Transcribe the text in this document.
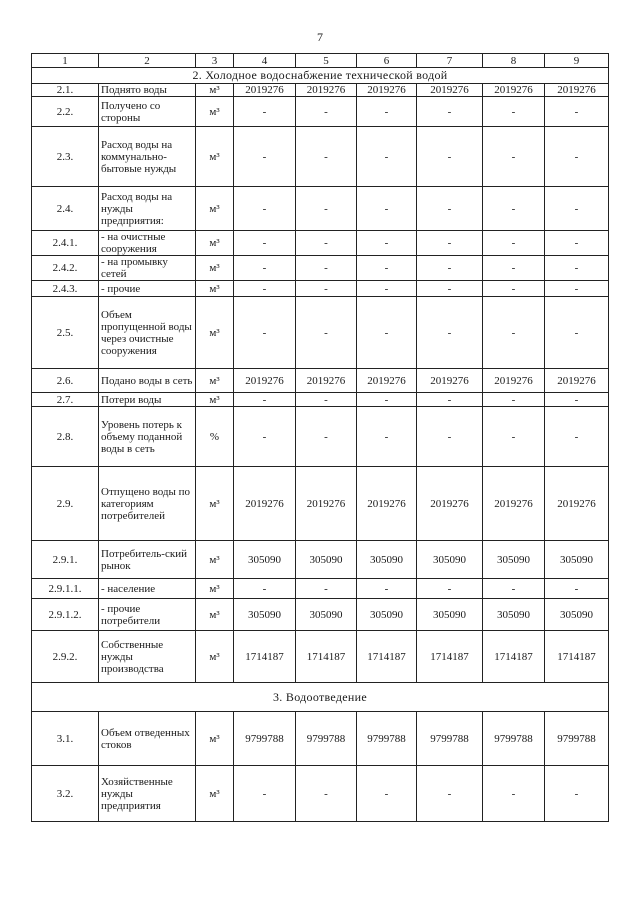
7
1	2	3	4	5	6	7	8	9
2. Холодное водоснабжение технической водой								
2.1.	Поднято воды	м³	2019276	2019276	2019276	2019276	2019276	2019276
2.2.	Получено со стороны	м³	-	-	-	-	-	-
2.3.	Расход воды на коммунально-бытовые нужды	м³	-	-	-	-	-	-
2.4.	Расход воды на нужды предприятия:	м³	-	-	-	-	-	-
2.4.1.	- на очистные сооружения	м³	-	-	-	-	-	-
2.4.2.	- на промывку сетей	м³	-	-	-	-	-	-
2.4.3.	- прочие	м³	-	-	-	-	-	-
2.5.	Объем пропущенной воды через очистные сооружения	м³	-	-	-	-	-	-
2.6.	Подано воды в сеть	м³	2019276	2019276	2019276	2019276	2019276	2019276
2.7.	Потери воды	м³	-	-	-	-	-	-
2.8.	Уровень потерь к объему поданной воды в сеть	%	-	-	-	-	-	-
2.9.	Отпущено воды по категориям потребителей	м³	2019276	2019276	2019276	2019276	2019276	2019276
2.9.1.	Потребитель-ский рынок	м³	305090	305090	305090	305090	305090	305090
2.9.1.1.	- население	м³	-	-	-	-	-	-
2.9.1.2.	- прочие потребители	м³	305090	305090	305090	305090	305090	305090
2.9.2.	Собственные нужды производства	м³	1714187	1714187	1714187	1714187	1714187	1714187
3. Водоотведение								
3.1.	Объем отведенных стоков	м³	9799788	9799788	9799788	9799788	9799788	9799788
3.2.	Хозяйственные нужды предприятия	м³	-	-	-	-	-	-
